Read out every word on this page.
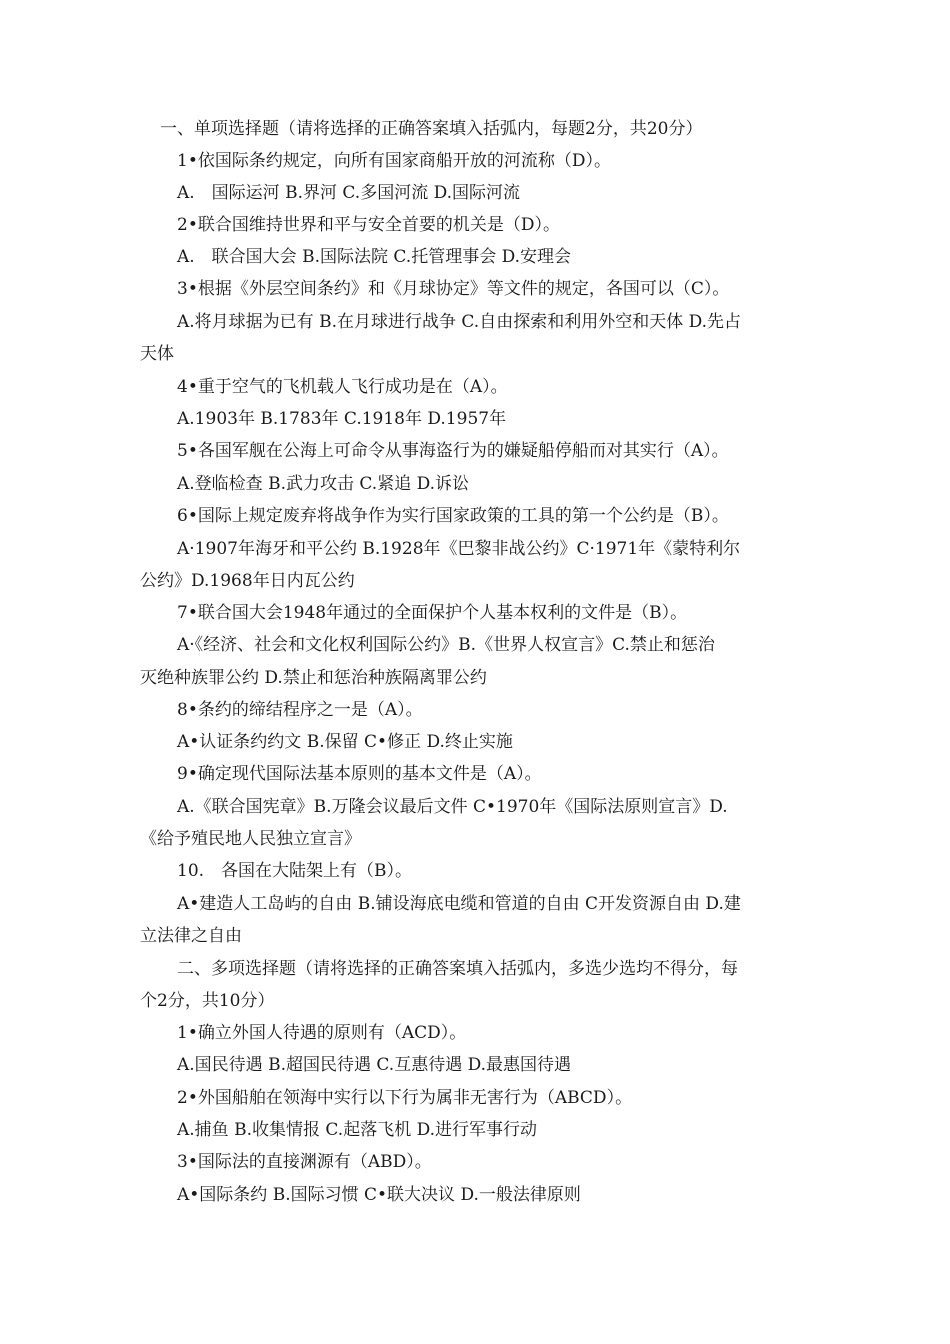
一、单项选择题（请将选择的正确答案填入括弧内，每题2分，共20分）
1•依国际条约规定，向所有国家商船开放的河流称（D）。
A.　国际运河 B.界河 C.多国河流 D.国际河流
2•联合国维持世界和平与安全首要的机关是（D）。
A.　联合国大会 B.国际法院 C.托管理事会 D.安理会
3•根据《外层空间条约》和《月球协定》等文件的规定，各国可以（C）。
A.将月球据为已有 B.在月球进行战争 C.自由探索和利用外空和天体 D.先占
天体
4•重于空气的飞机载人飞行成功是在（A）。
A.1903年 B.1783年 C.1918年 D.1957年
5•各国军舰在公海上可命令从事海盗行为的嫌疑船停船而对其实行（A）。
A.登临检查 B.武力攻击 C.紧追 D.诉讼
6•国际上规定废弃将战争作为实行国家政策的工具的第一个公约是（B）。
A·1907年海牙和平公约 B.1928年《巴黎非战公约》C·1971年《蒙特利尔
公约》D.1968年日内瓦公约
7•联合国大会1948年通过的全面保护个人基本权利的文件是（B）。
A·《经济、社会和文化权利国际公约》B.《世界人权宣言》C.禁止和惩治
灭绝种族罪公约 D.禁止和惩治种族隔离罪公约
8•条约的缔结程序之一是（A）。
A•认证条约约文 B.保留 C•修正 D.终止实施
9•确定现代国际法基本原则的基本文件是（A）。
A.《联合国宪章》B.万隆会议最后文件 C•1970年《国际法原则宣言》D.
《给予殖民地人民独立宣言》
10.　各国在大陆架上有（B）。
A•建造人工岛屿的自由 B.铺设海底电缆和管道的自由 C开发资源自由 D.建
立法律之自由
二、多项选择题（请将选择的正确答案填入括弧内，多选少选均不得分，每
个2分，共10分）
1•确立外国人待遇的原则有（ACD）。
A.国民待遇 B.超国民待遇 C.互惠待遇 D.最惠国待遇
2•外国船舶在领海中实行以下行为属非无害行为（ABCD）。
A.捕鱼 B.收集情报 C.起落飞机 D.进行军事行动
3•国际法的直接渊源有（ABD）。
A•国际条约 B.国际习惯 C•联大决议 D.一般法律原则
